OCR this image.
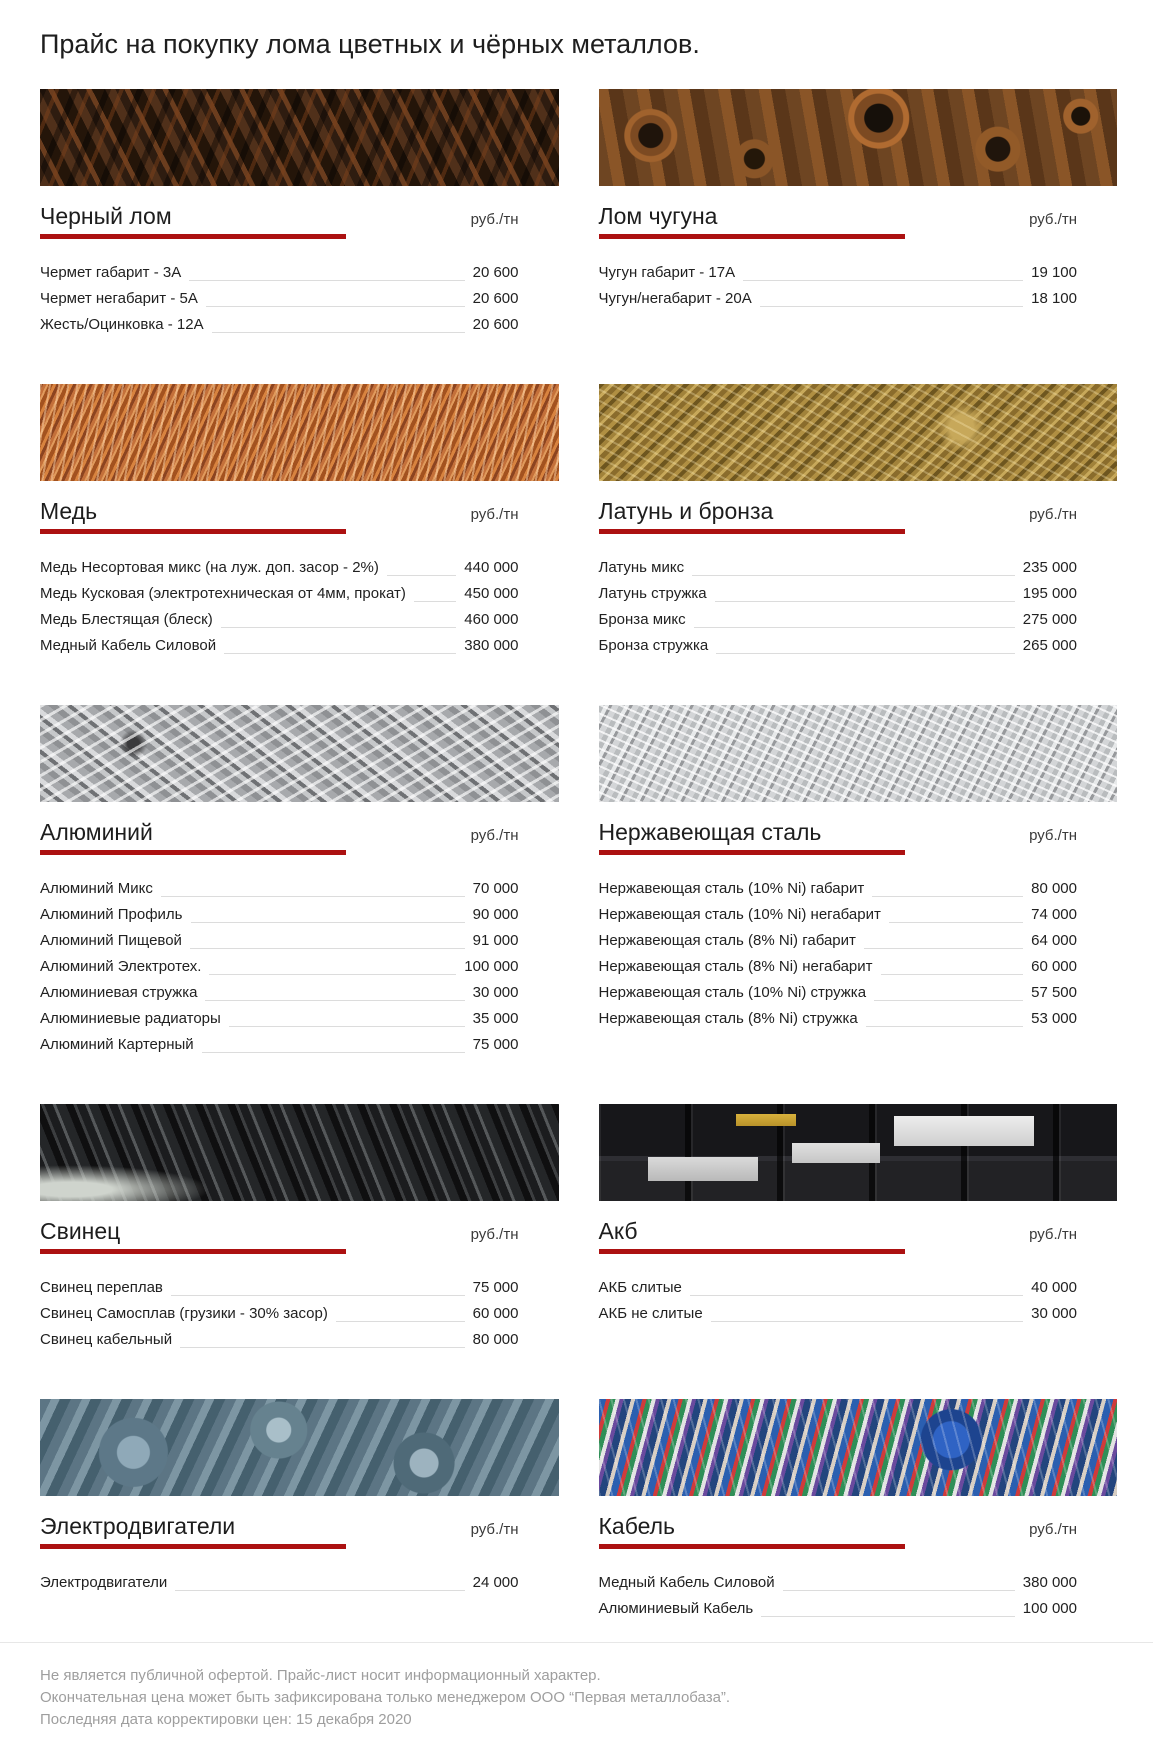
Прайс на покупку лома цветных и чёрных металлов.
Черный лом	руб./тн
Чермет габарит - 3А	20 600
Чермет негабарит - 5А	20 600
Жесть/Оцинковка - 12А	20 600
Лом чугуна	руб./тн
Чугун габарит - 17А	19 100
Чугун/негабарит - 20А	18 100
Медь	руб./тн
Медь Несортовая микс (на луж. доп. засор - 2%)	440 000
Медь Кусковая (электротехническая от 4мм, прокат)	450 000
Медь Блестящая (блеск)	460 000
Медный Кабель Силовой	380 000
Латунь и бронза	руб./тн
Латунь микс	235 000
Латунь стружка	195 000
Бронза микс	275 000
Бронза стружка	265 000
Алюминий	руб./тн
Алюминий Микс	70 000
Алюминий Профиль	90 000
Алюминий Пищевой	91 000
Алюминий Электротех.	100 000
Алюминиевая стружка	30 000
Алюминиевые радиаторы	35 000
Алюминий Картерный	75 000
Нержавеющая сталь	руб./тн
Нержавеющая сталь (10% Ni) габарит	80 000
Нержавеющая сталь (10% Ni) негабарит	74 000
Нержавеющая сталь (8% Ni) габарит	64 000
Нержавеющая сталь (8% Ni) негабарит	60 000
Нержавеющая сталь (10% Ni) стружка	57 500
Нержавеющая сталь (8% Ni) стружка	53 000
Свинец	руб./тн
Свинец переплав	75 000
Свинец Самосплав (грузики - 30% засор)	60 000
Свинец кабельный	80 000
Акб	руб./тн
АКБ слитые	40 000
АКБ не слитые	30 000
Электродвигатели	руб./тн
Электродвигатели	24 000
Кабель	руб./тн
Медный Кабель Силовой	380 000
Алюминиевый Кабель	100 000

Не является публичной офертой. Прайс-лист носит информационный характер.

Окончательная цена может быть зафиксирована только менеджером ООО “Первая металлобаза”.

Последняя дата корректировки цен: 15 декабря 2020
